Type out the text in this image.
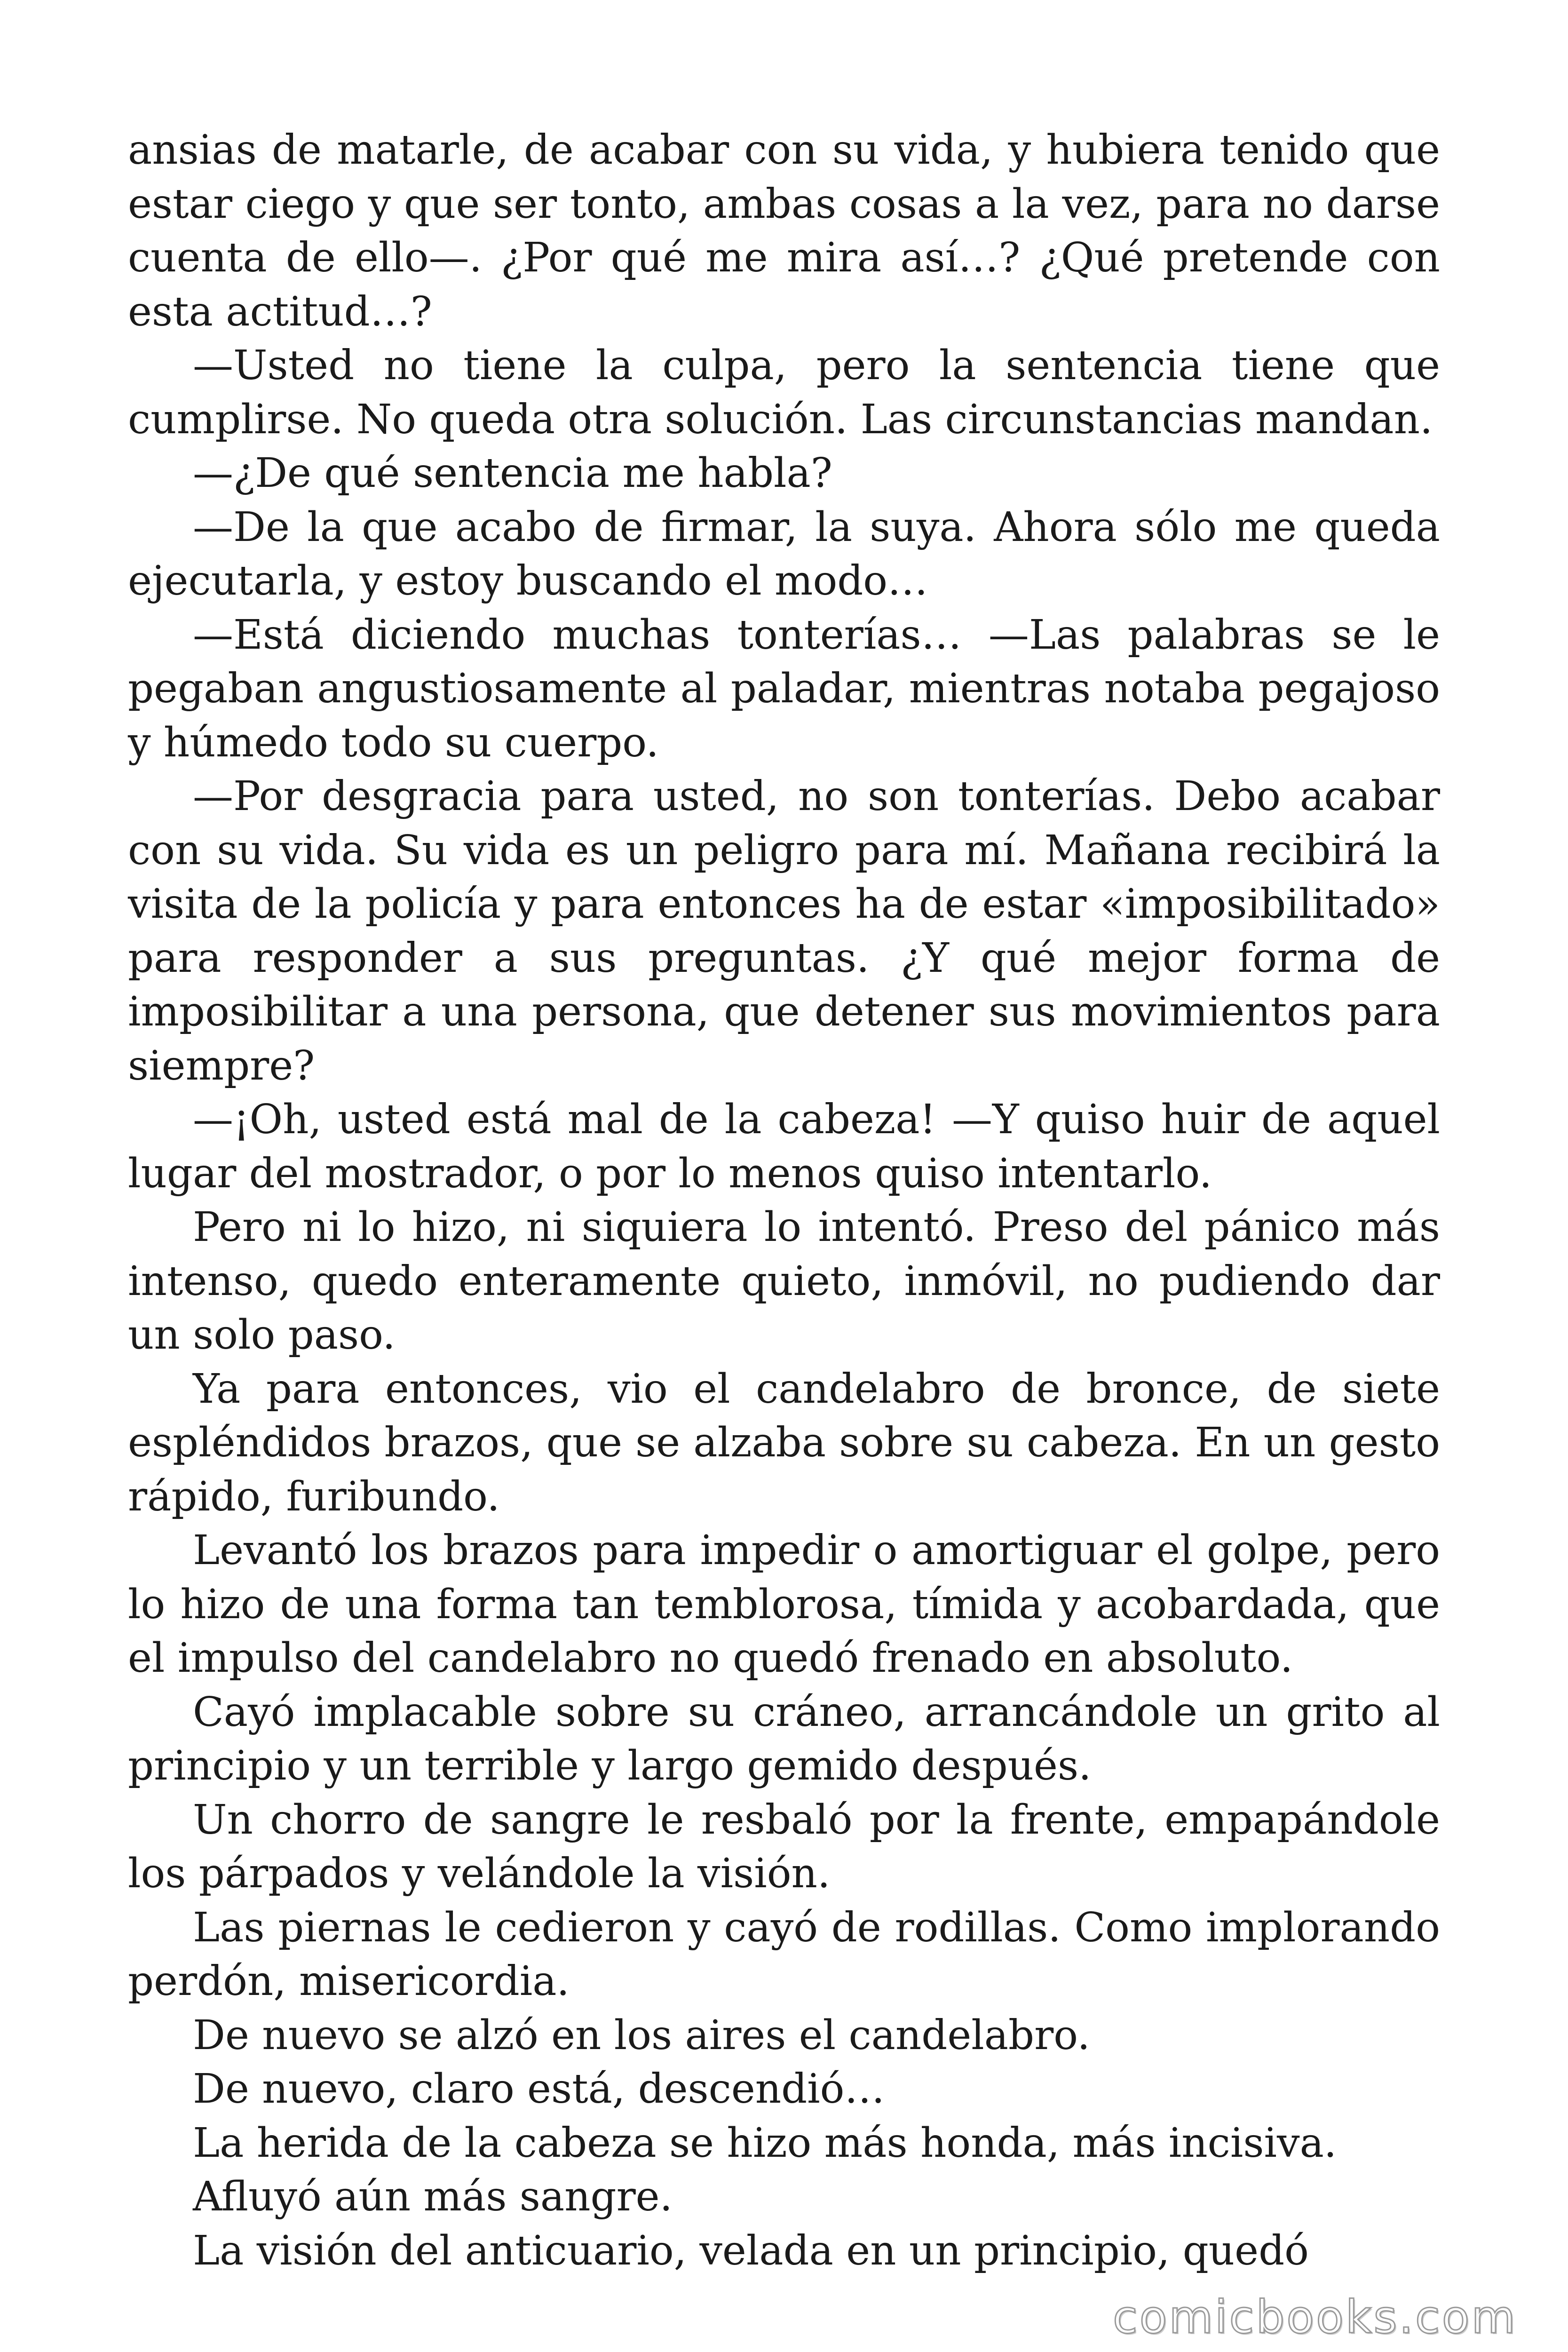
ansias de matarle, de acabar con su vida, y hubiera tenido que estar ciego y que ser tonto, ambas cosas a la vez, para no darse cuenta de ello—. ¿Por qué me mira así…? ¿Qué pretende con esta actitud…?

—Usted no tiene la culpa, pero la sentencia tiene que cumplirse. No queda otra solución. Las circunstancias mandan.

—¿De qué sentencia me habla?

—De la que acabo de firmar, la suya. Ahora sólo me queda ejecutarla, y estoy buscando el modo…

—Está diciendo muchas tonterías… —Las palabras se le pegaban angustiosamente al paladar, mientras notaba pegajoso y húmedo todo su cuerpo.

—Por desgracia para usted, no son tonterías. Debo acabar con su vida. Su vida es un peligro para mí. Mañana recibirá la visita de la policía y para entonces ha de estar «imposibilitado» para responder a sus preguntas. ¿Y qué mejor forma de imposibilitar a una persona, que detener sus movimientos para siempre?

—¡Oh, usted está mal de la cabeza! —Y quiso huir de aquel lugar del mostrador, o por lo menos quiso intentarlo.

Pero ni lo hizo, ni siquiera lo intentó. Preso del pánico más intenso, quedo enteramente quieto, inmóvil, no pudiendo dar un solo paso.

Ya para entonces, vio el candelabro de bronce, de siete espléndidos brazos, que se alzaba sobre su cabeza. En un gesto rápido, furibundo.

Levantó los brazos para impedir o amortiguar el golpe, pero lo hizo de una forma tan temblorosa, tímida y acobardada, que el impulso del candelabro no quedó frenado en absoluto.

Cayó implacable sobre su cráneo, arrancándole un grito al principio y un terrible y largo gemido después.

Un chorro de sangre le resbaló por la frente, empapándole los párpados y velándole la visión.

Las piernas le cedieron y cayó de rodillas. Como implorando perdón, misericordia.

De nuevo se alzó en los aires el candelabro.

De nuevo, claro está, descendió…

La herida de la cabeza se hizo más honda, más incisiva.

Afluyó aún más sangre.

La visión del anticuario, velada en un principio, quedó

comicbooks.com
